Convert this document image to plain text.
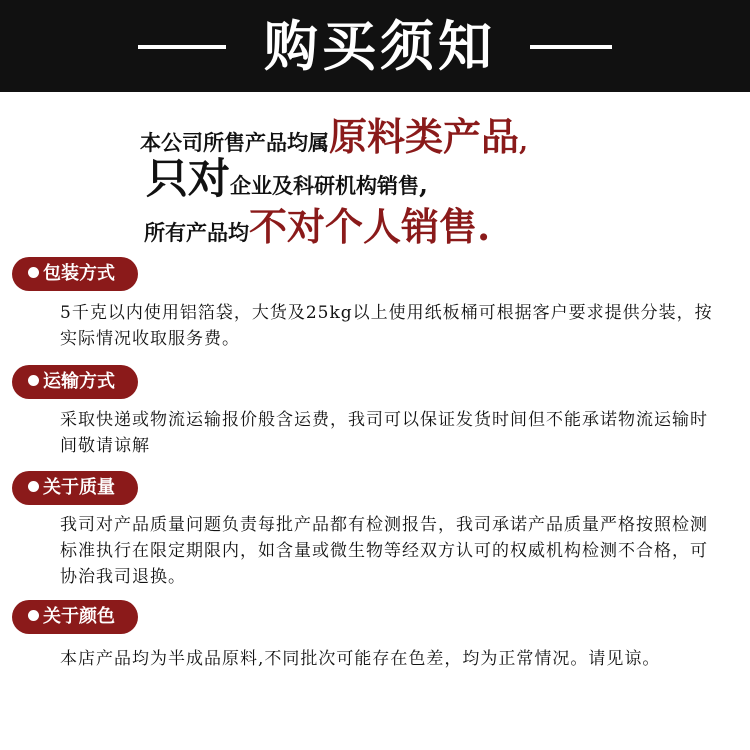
购买须知
本公司所售产品均属原料类产品,
只对企业及科研机构销售,
所有产品均不对个人销售.
包装方式
5千克以内使用铝箔袋，大货及25kg以上使用纸板桶可根据客户要求提供分装，按实际情况收取服务费。
运输方式
采取快递或物流运输报价般含运费，我司可以保证发货时间但不能承诺物流运输时间敬请谅解
关于质量
我司对产品质量问题负责每批产品都有检测报告，我司承诺产品质量严格按照检测标准执行在限定期限内，如含量或微生物等经双方认可的权威机构检测不合格，可协治我司退换。
关于颜色
本店产品均为半成品原料,不同批次可能存在色差，均为正常情况。请见谅。
